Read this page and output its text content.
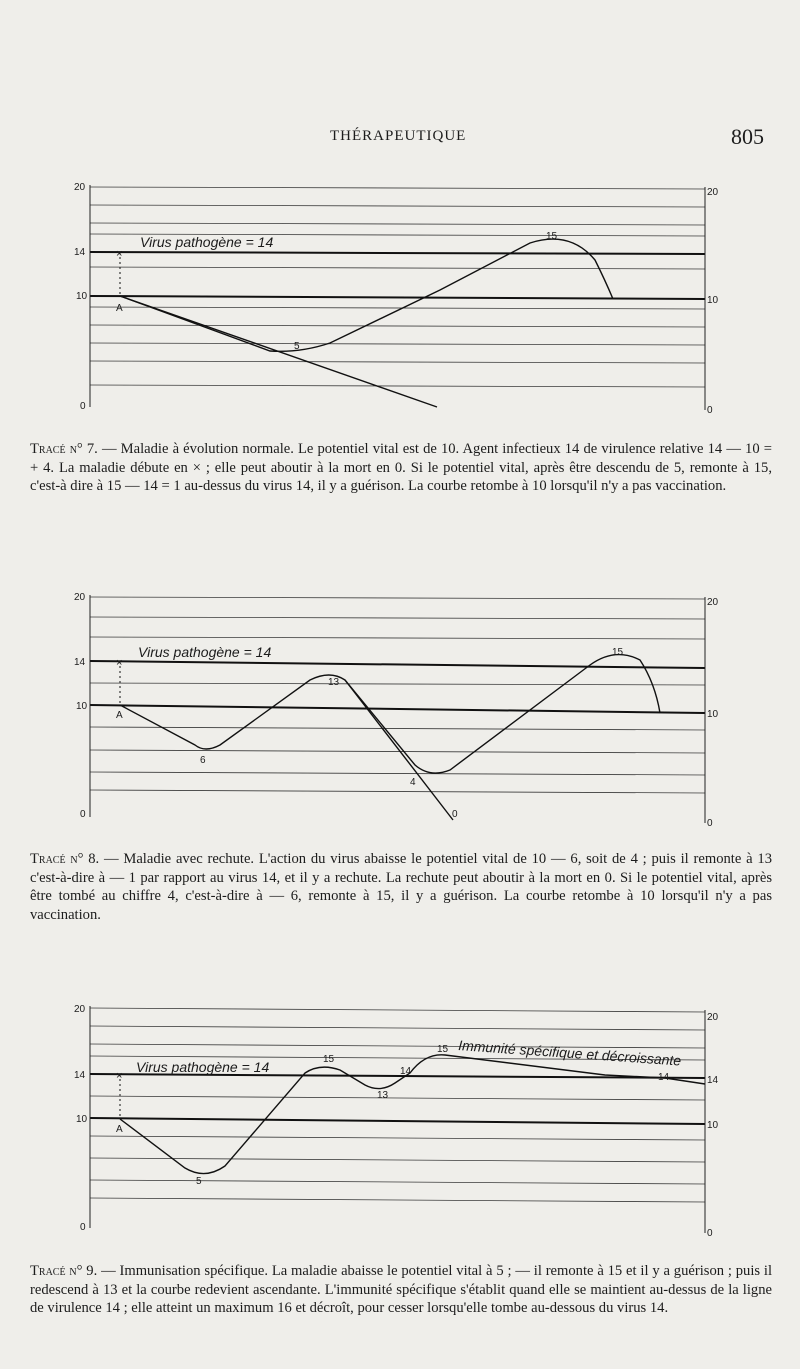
THÉRAPEUTIQUE	805
×
20
14
10
0
20
10
0
Virus pathogène = 14
A
5
15
Tracé n° 7. — Maladie à évolution normale. Le potentiel vital est de 10. Agent infectieux 14 de virulence relative 14 — 10 = + 4. La maladie débute en × ; elle peut aboutir à la mort en 0. Si le potentiel vital, après être descendu de 5, remonte à 15, c'est-à dire à 15 — 14 = 1 au-dessus du virus 14, il y a guérison. La courbe retombe à 10 lorsqu'il n'y a pas vaccination.
×
20
14
10
0
20
10
0
Virus pathogène = 14
A
6
13
4
15
0
Tracé n° 8. — Maladie avec rechute. L'action du virus abaisse le potentiel vital de 10 — 6, soit de 4 ; puis il remonte à 13 c'est-à-dire à — 1 par rapport au virus 14, et il y a rechute. La rechute peut aboutir à la mort en 0. Si le potentiel vital, après être tombé au chiffre 4, c'est-à-dire à — 6, remonte à 15, il y a guérison. La courbe retombe à 10 lorsqu'il n'y a pas vaccination.
×
20
14
10
0
20
14
10
0
Virus pathogène = 14
A
5
15
13
14
15
14
Immunité spécifique et décroissante
Tracé n° 9. — Immunisation spécifique. La maladie abaisse le potentiel vital à 5 ; — il remonte à 15 et il y a guérison ; puis il redescend à 13 et la courbe redevient ascendante. L'immunité spécifique s'établit quand elle se maintient au-dessus de la ligne de virulence 14 ; elle atteint un maximum 16 et décroît, pour cesser lorsqu'elle tombe au-dessous du virus 14.
